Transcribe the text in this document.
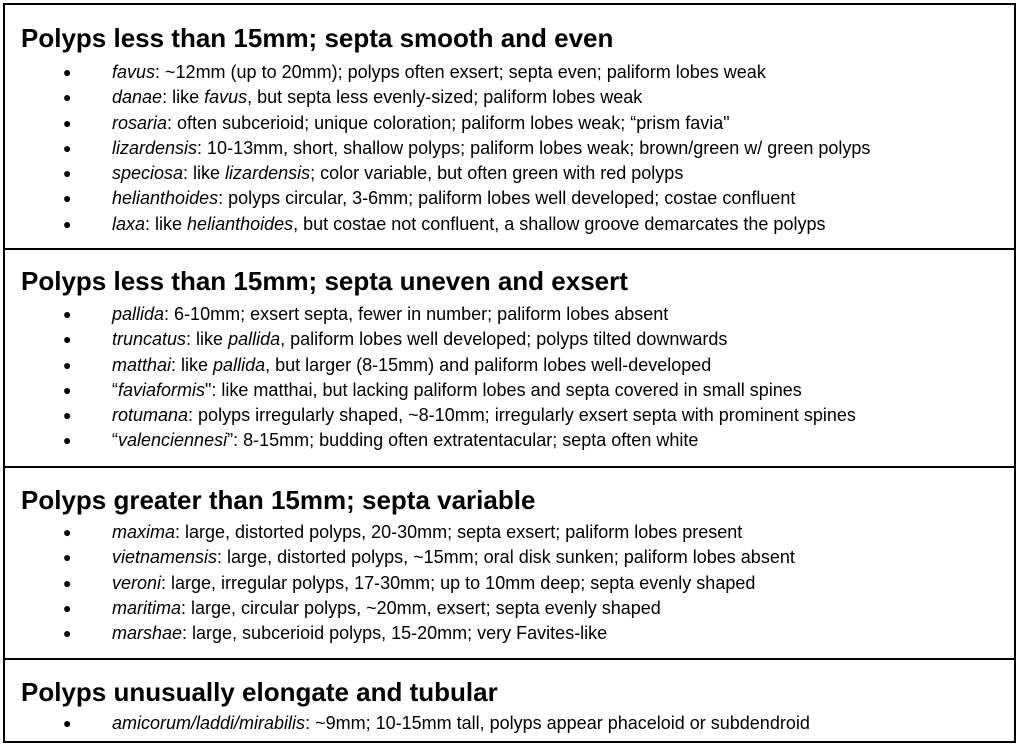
Polyps less than 15mm; septa smooth and even
● favus: ~12mm (up to 20mm); polyps often exsert; septa even; paliform lobes weak
● danae: like favus, but septa less evenly-sized; paliform lobes weak
● rosaria: often subcerioid; unique coloration; paliform lobes weak; “prism favia"
● lizardensis: 10-13mm, short, shallow polyps; paliform lobes weak; brown/green w/ green polyps
● speciosa: like lizardensis; color variable, but often green with red polyps
● helianthoides: polyps circular, 3-6mm; paliform lobes well developed; costae confluent
● laxa: like helianthoides, but costae not confluent, a shallow groove demarcates the polyps
Polyps less than 15mm; septa uneven and exsert
● pallida: 6-10mm; exsert septa, fewer in number; paliform lobes absent
● truncatus: like pallida, paliform lobes well developed; polyps tilted downwards
● matthai: like pallida, but larger (8-15mm) and paliform lobes well-developed
● “faviaformis": like matthai, but lacking paliform lobes and septa covered in small spines
● rotumana: polyps irregularly shaped, ~8-10mm; irregularly exsert septa with prominent spines
● “valenciennesi”: 8-15mm; budding often extratentacular; septa often white
Polyps greater than 15mm; septa variable
● maxima: large, distorted polyps, 20-30mm; septa exsert; paliform lobes present
● vietnamensis: large, distorted polyps, ~15mm; oral disk sunken; paliform lobes absent
● veroni: large, irregular polyps, 17-30mm; up to 10mm deep; septa evenly shaped
● maritima: large, circular polyps, ~20mm, exsert; septa evenly shaped
● marshae: large, subcerioid polyps, 15-20mm; very Favites-like
Polyps unusually elongate and tubular
● amicorum/laddi/mirabilis: ~9mm; 10-15mm tall, polyps appear phaceloid or subdendroid
